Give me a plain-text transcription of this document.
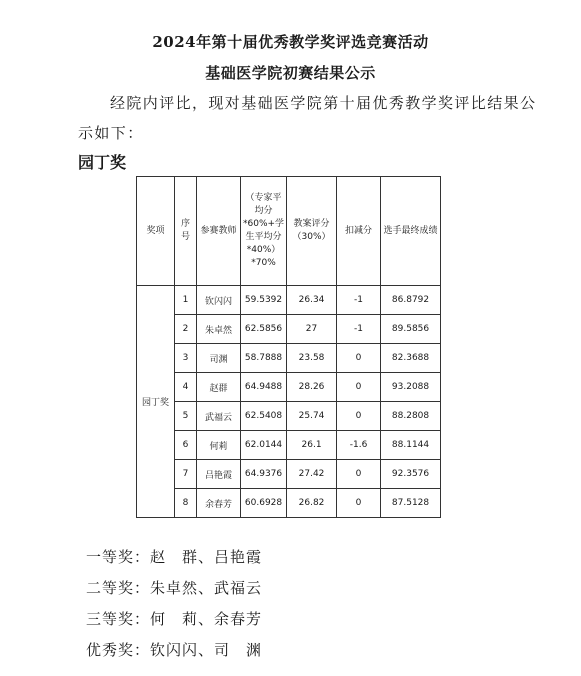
2024年第十届优秀教学奖评选竞赛活动
基础医学院初赛结果公示
经院内评比，现对基础医学院第十届优秀教学奖评比结果公示如下：
园丁奖
奖项	序号	参赛教师	（专家平均分*60%+学生平均分*40%）*70%	教案评分（30%）	扣减分	选手最终成绩
园丁奖	1	钦闪闪	59.5392	26.34	-1	86.8792
	2	朱卓然	62.5856	27	-1	89.5856
	3	司渊	58.7888	23.58	0	82.3688
	4	赵群	64.9488	28.26	0	93.2088
	5	武福云	62.5408	25.74	0	88.2808
	6	何莉	62.0144	26.1	-1.6	88.1144
	7	吕艳霞	64.9376	27.42	0	92.3576
	8	余春芳	60.6928	26.82	0	87.5128
一等奖：赵　群、吕艳霞
二等奖：朱卓然、武福云
三等奖：何　莉、余春芳
优秀奖：钦闪闪、司　渊
